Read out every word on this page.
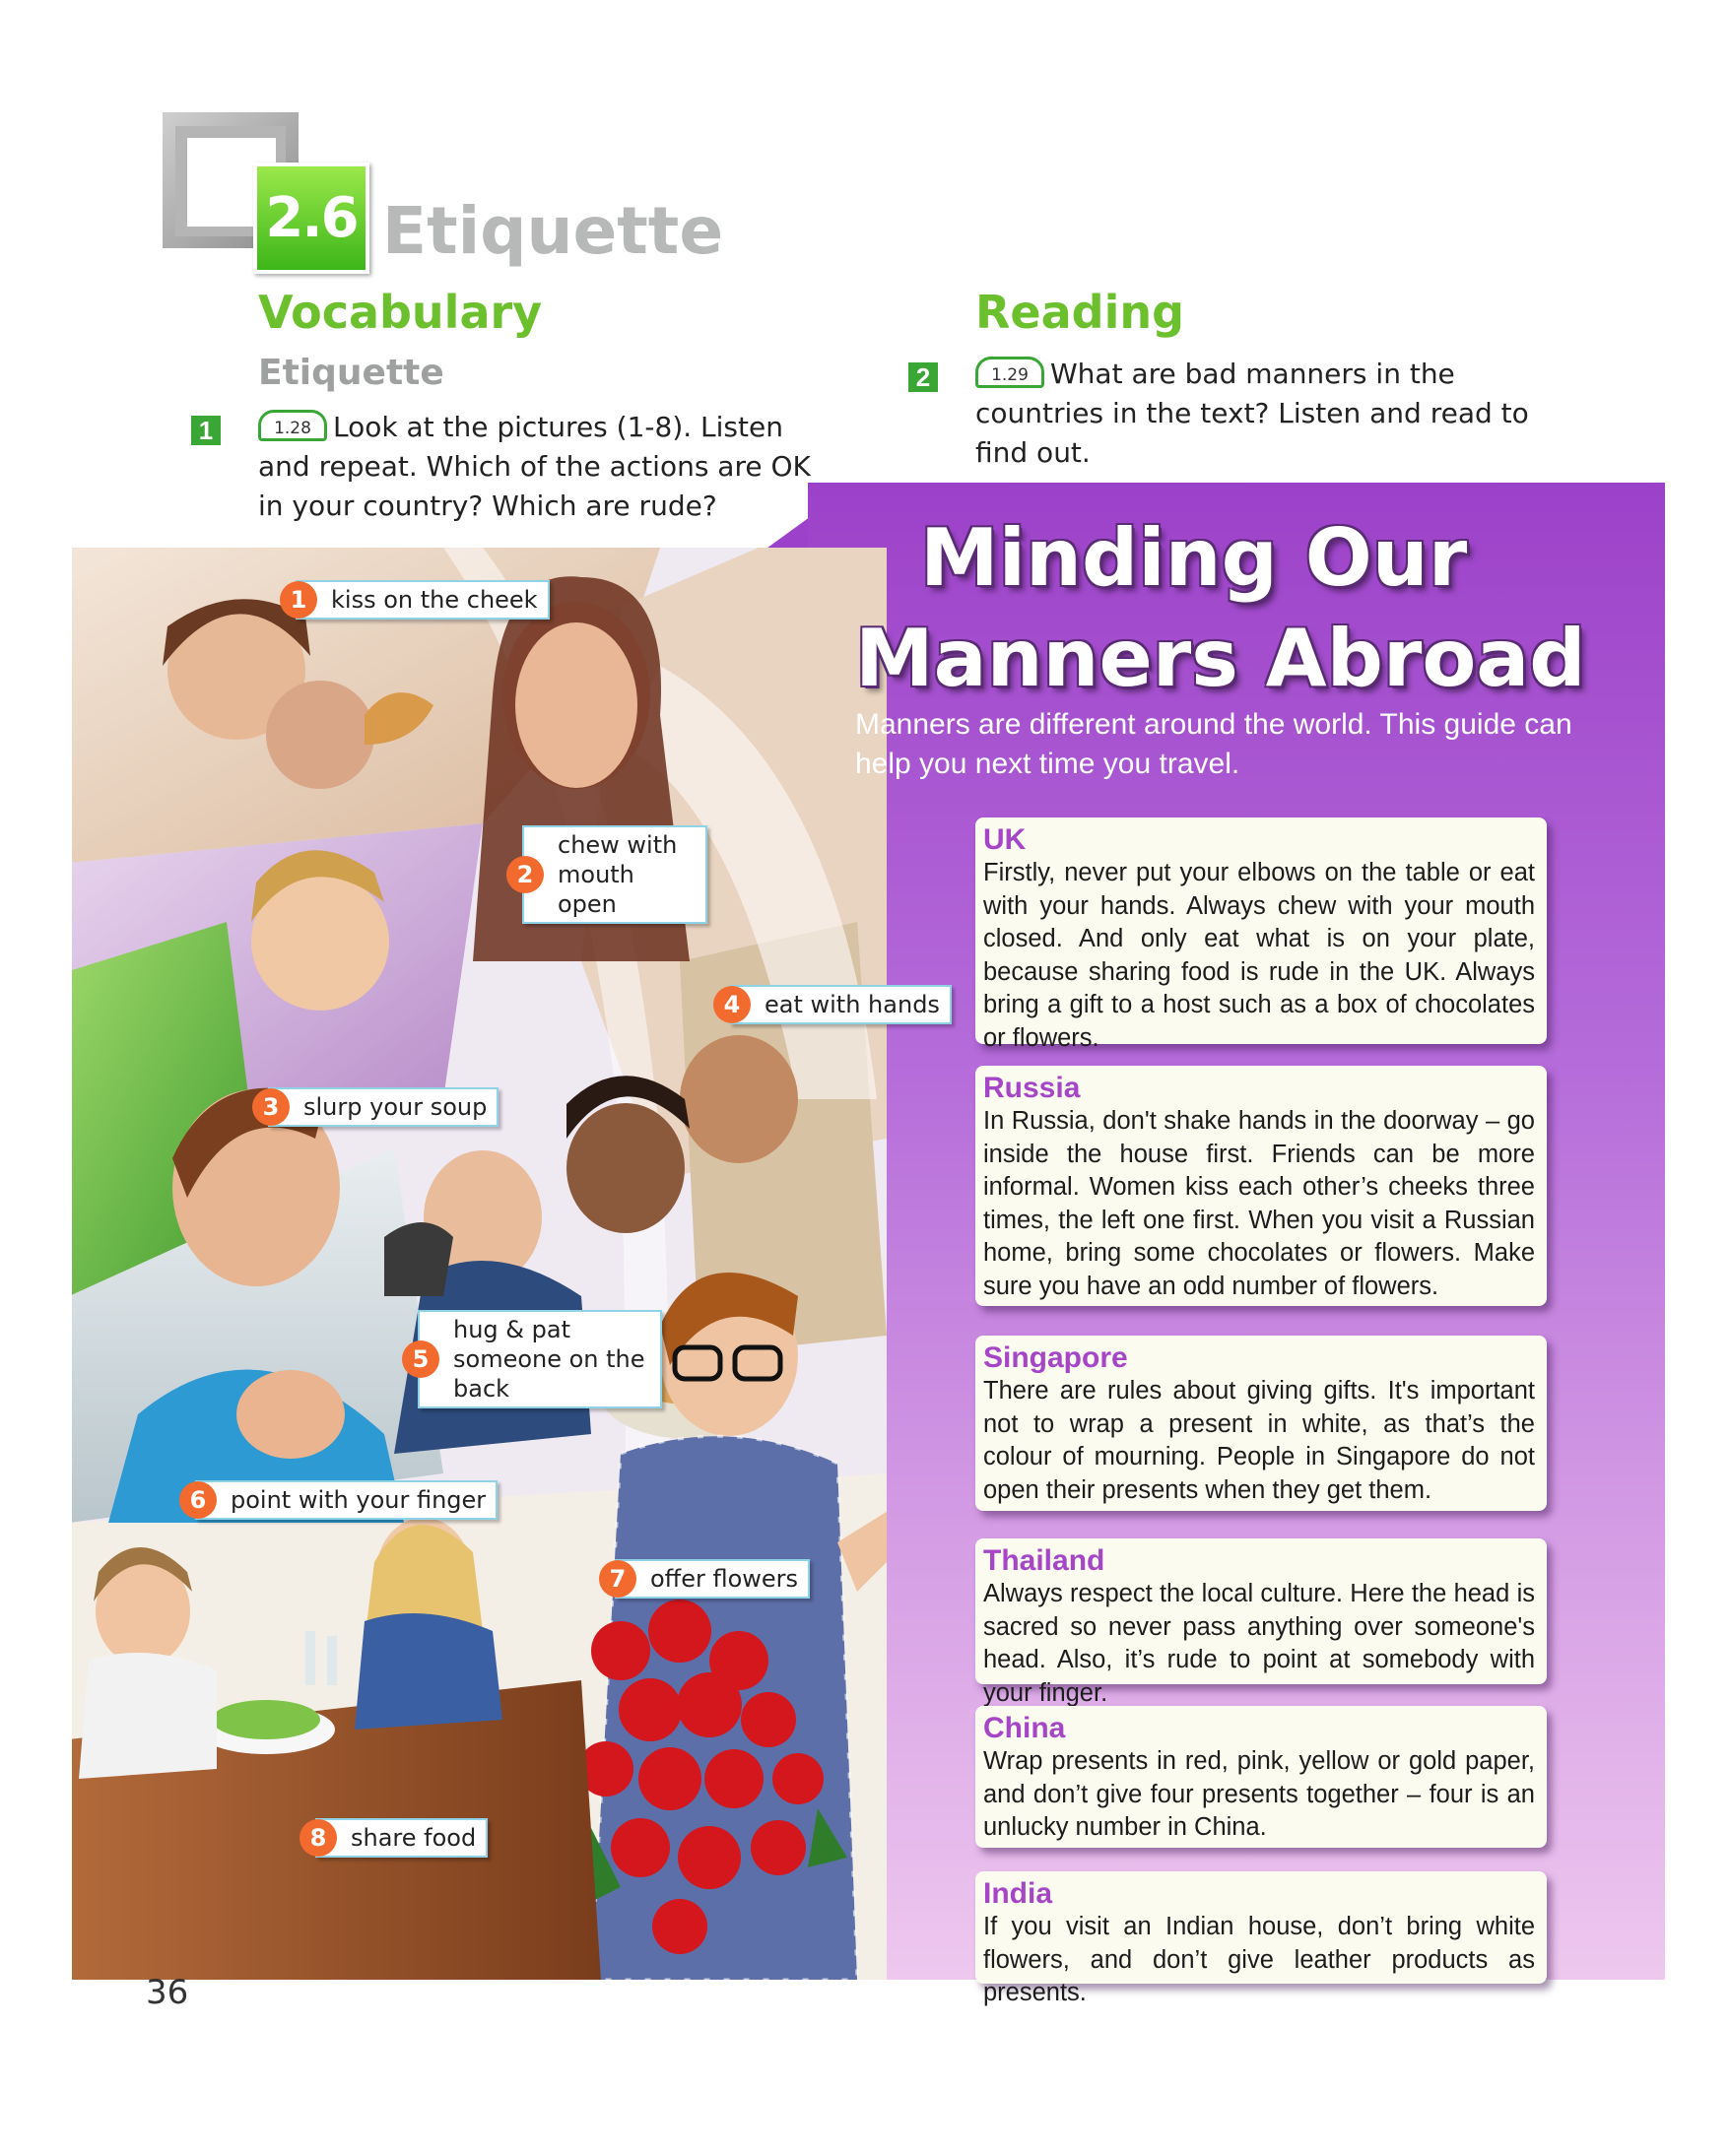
2.6 Etiquette
Vocabulary
Etiquette
1	1.28 Look at the pictures (1-8). Listen and repeat. Which of the actions are OK in your country? Which are rude?
Reading
2	1.29 What are bad manners in the countries in the text? Listen and read to find out.
1	kiss on the cheek
2
chew with mouth open
3	slurp your soup
4	eat with hands
5
hug & pat someone on the back
6	point with your finger
7	offer flowers
8	share food
Minding Our
Manners Abroad
Manners are different around the world. This guide can help you next time you travel.
UK
Firstly, never put your elbows on the table or eat with your hands. Always chew with your mouth closed. And only eat what is on your plate, because sharing food is rude in the UK. Always bring a gift to a host such as a box of chocolates or flowers.
Russia
In Russia, don't shake hands in the doorway – go inside the house first. Friends can be more informal. Women kiss each other’s cheeks three times, the left one first. When you visit a Russian home, bring some chocolates or flowers. Make sure you have an odd number of flowers.
Singapore
There are rules about giving gifts. It's important not to wrap a present in white, as that’s the colour of mourning. People in Singapore do not open their presents when they get them.
Thailand
Always respect the local culture. Here the head is sacred so never pass anything over someone's head. Also, it’s rude to point at somebody with your finger.
China
Wrap presents in red, pink, yellow or gold paper, and don’t give four presents together – four is an unlucky number in China.
India
If you visit an Indian house, don’t bring white flowers, and don’t give leather products as presents.
36
